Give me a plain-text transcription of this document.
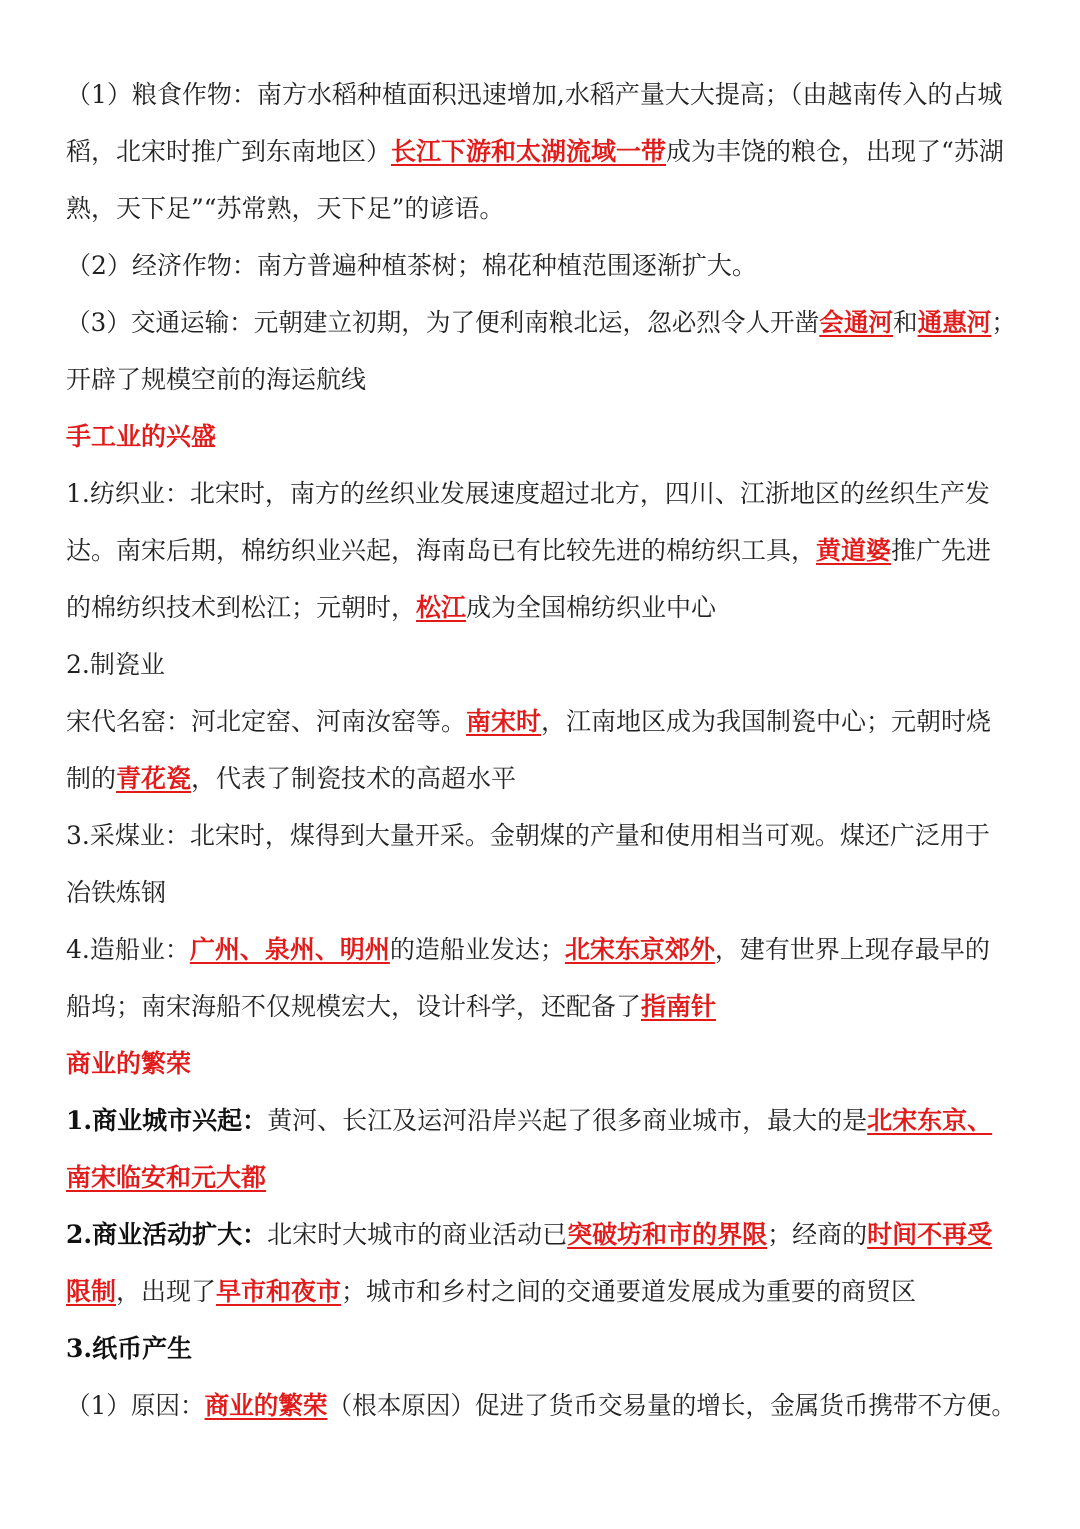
（1）粮食作物：南方水稻种植面积迅速增加,水稻产量大大提高；（由越南传入的占城
稻，北宋时推广到东南地区）长江下游和太湖流域一带成为丰饶的粮仓，出现了“苏湖
熟，天下足”“苏常熟，天下足”的谚语。
（2）经济作物：南方普遍种植茶树；棉花种植范围逐渐扩大。
（3）交通运输：元朝建立初期，为了便利南粮北运，忽必烈令人开凿会通河和通惠河；
开辟了规模空前的海运航线
手工业的兴盛
1.纺织业：北宋时，南方的丝织业发展速度超过北方，四川、江浙地区的丝织生产发
达。南宋后期，棉纺织业兴起，海南岛已有比较先进的棉纺织工具，黄道婆推广先进
的棉纺织技术到松江；元朝时，松江成为全国棉纺织业中心
2.制瓷业
宋代名窑：河北定窑、河南汝窑等。南宋时，江南地区成为我国制瓷中心；元朝时烧
制的青花瓷，代表了制瓷技术的高超水平
3.采煤业：北宋时，煤得到大量开采。金朝煤的产量和使用相当可观。煤还广泛用于
冶铁炼钢
4.造船业：广州、泉州、明州的造船业发达；北宋东京郊外，建有世界上现存最早的
船坞；南宋海船不仅规模宏大，设计科学，还配备了指南针
商业的繁荣
1.商业城市兴起：黄河、长江及运河沿岸兴起了很多商业城市，最大的是北宋东京、
南宋临安和元大都
2.商业活动扩大：北宋时大城市的商业活动已突破坊和市的界限；经商的时间不再受
限制，出现了早市和夜市；城市和乡村之间的交通要道发展成为重要的商贸区
3.纸币产生
（1）原因：商业的繁荣（根本原因）促进了货币交易量的增长，金属货币携带不方便。
